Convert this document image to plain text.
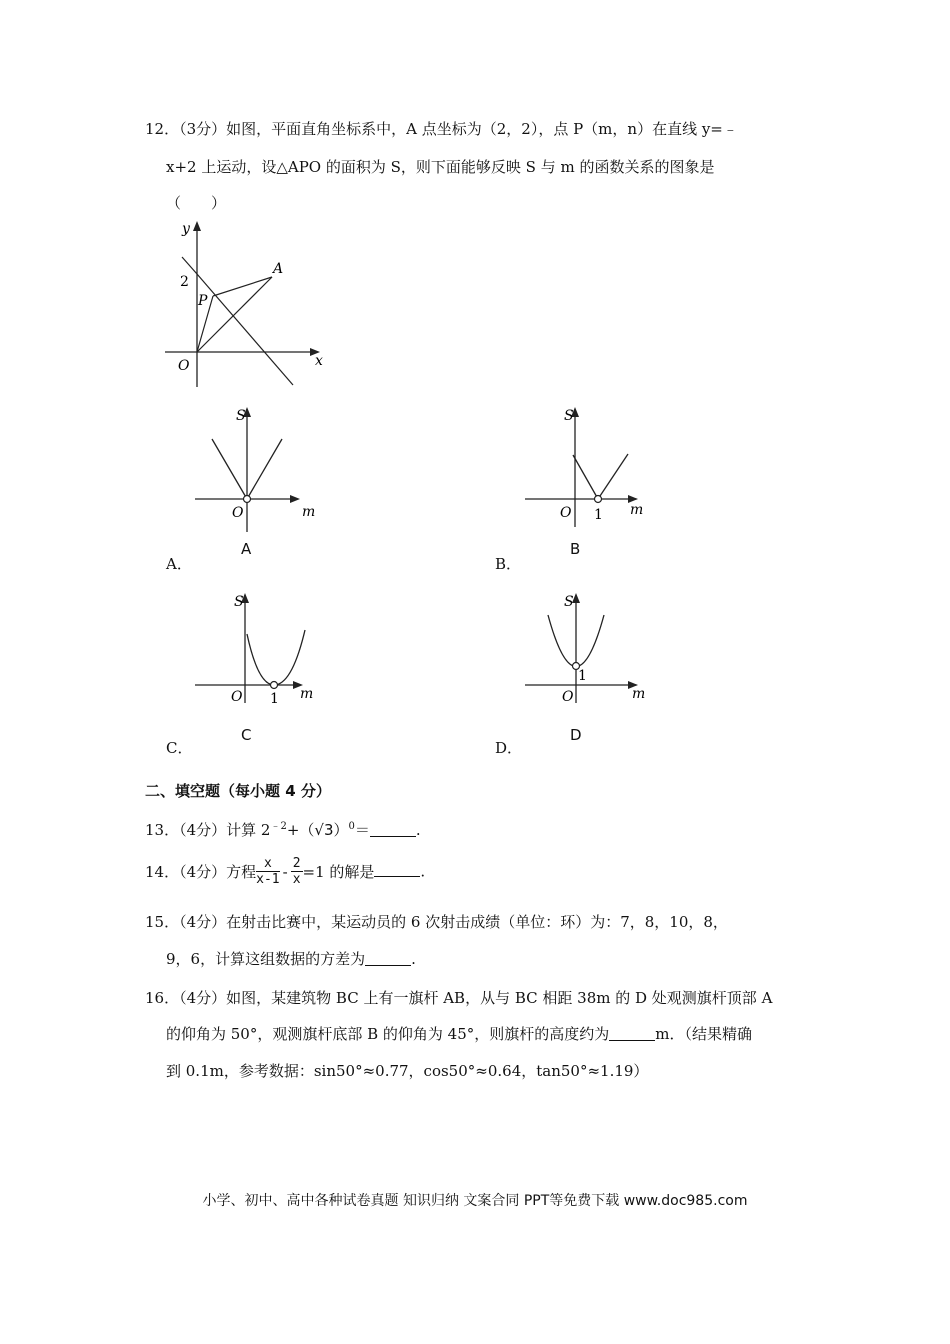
12．（3分）如图，平面直角坐标系中，A 点坐标为（2，2），点 P（m，n）在直线 y=﹣
x+2 上运动，设△APO 的面积为 S，则下面能够反映 S 与 m 的函数关系的图象是
（　　）
y
x
O
2
P
A
S
m
O
A
A．
S
m
O 1
B
B．
S
m
O 1
C
C．
S
m
O
1
D
D．
二、填空题（每小题 4 分）
13．（4分）计算 $2^{﹣2}+(√3)^0=$	.
14．（4分）方程 $\frac{x}{x-1} - \frac{2}{x} =1$ 的解是	.
15．（4分）在射击比赛中，某运动员的 6 次射击成绩（单位：环）为：7，8，10，8，
9，6，计算这组数据的方差为	.
16．（4分）如图，某建筑物 BC 上有一旗杆 AB，从与 BC 相距 38m 的 D 处观测旗杆顶部 A
的仰角为 50°，观测旗杆底部 B 的仰角为 45°，则旗杆的高度约为	m．（结果精确
到 0.1m，参考数据：sin50°≈0.77，cos50°≈0.64，tan50°≈1.19）
小学、初中、高中各种试卷真题 知识归纳 文案合同 PPT等免费下载 www.doc985.com
